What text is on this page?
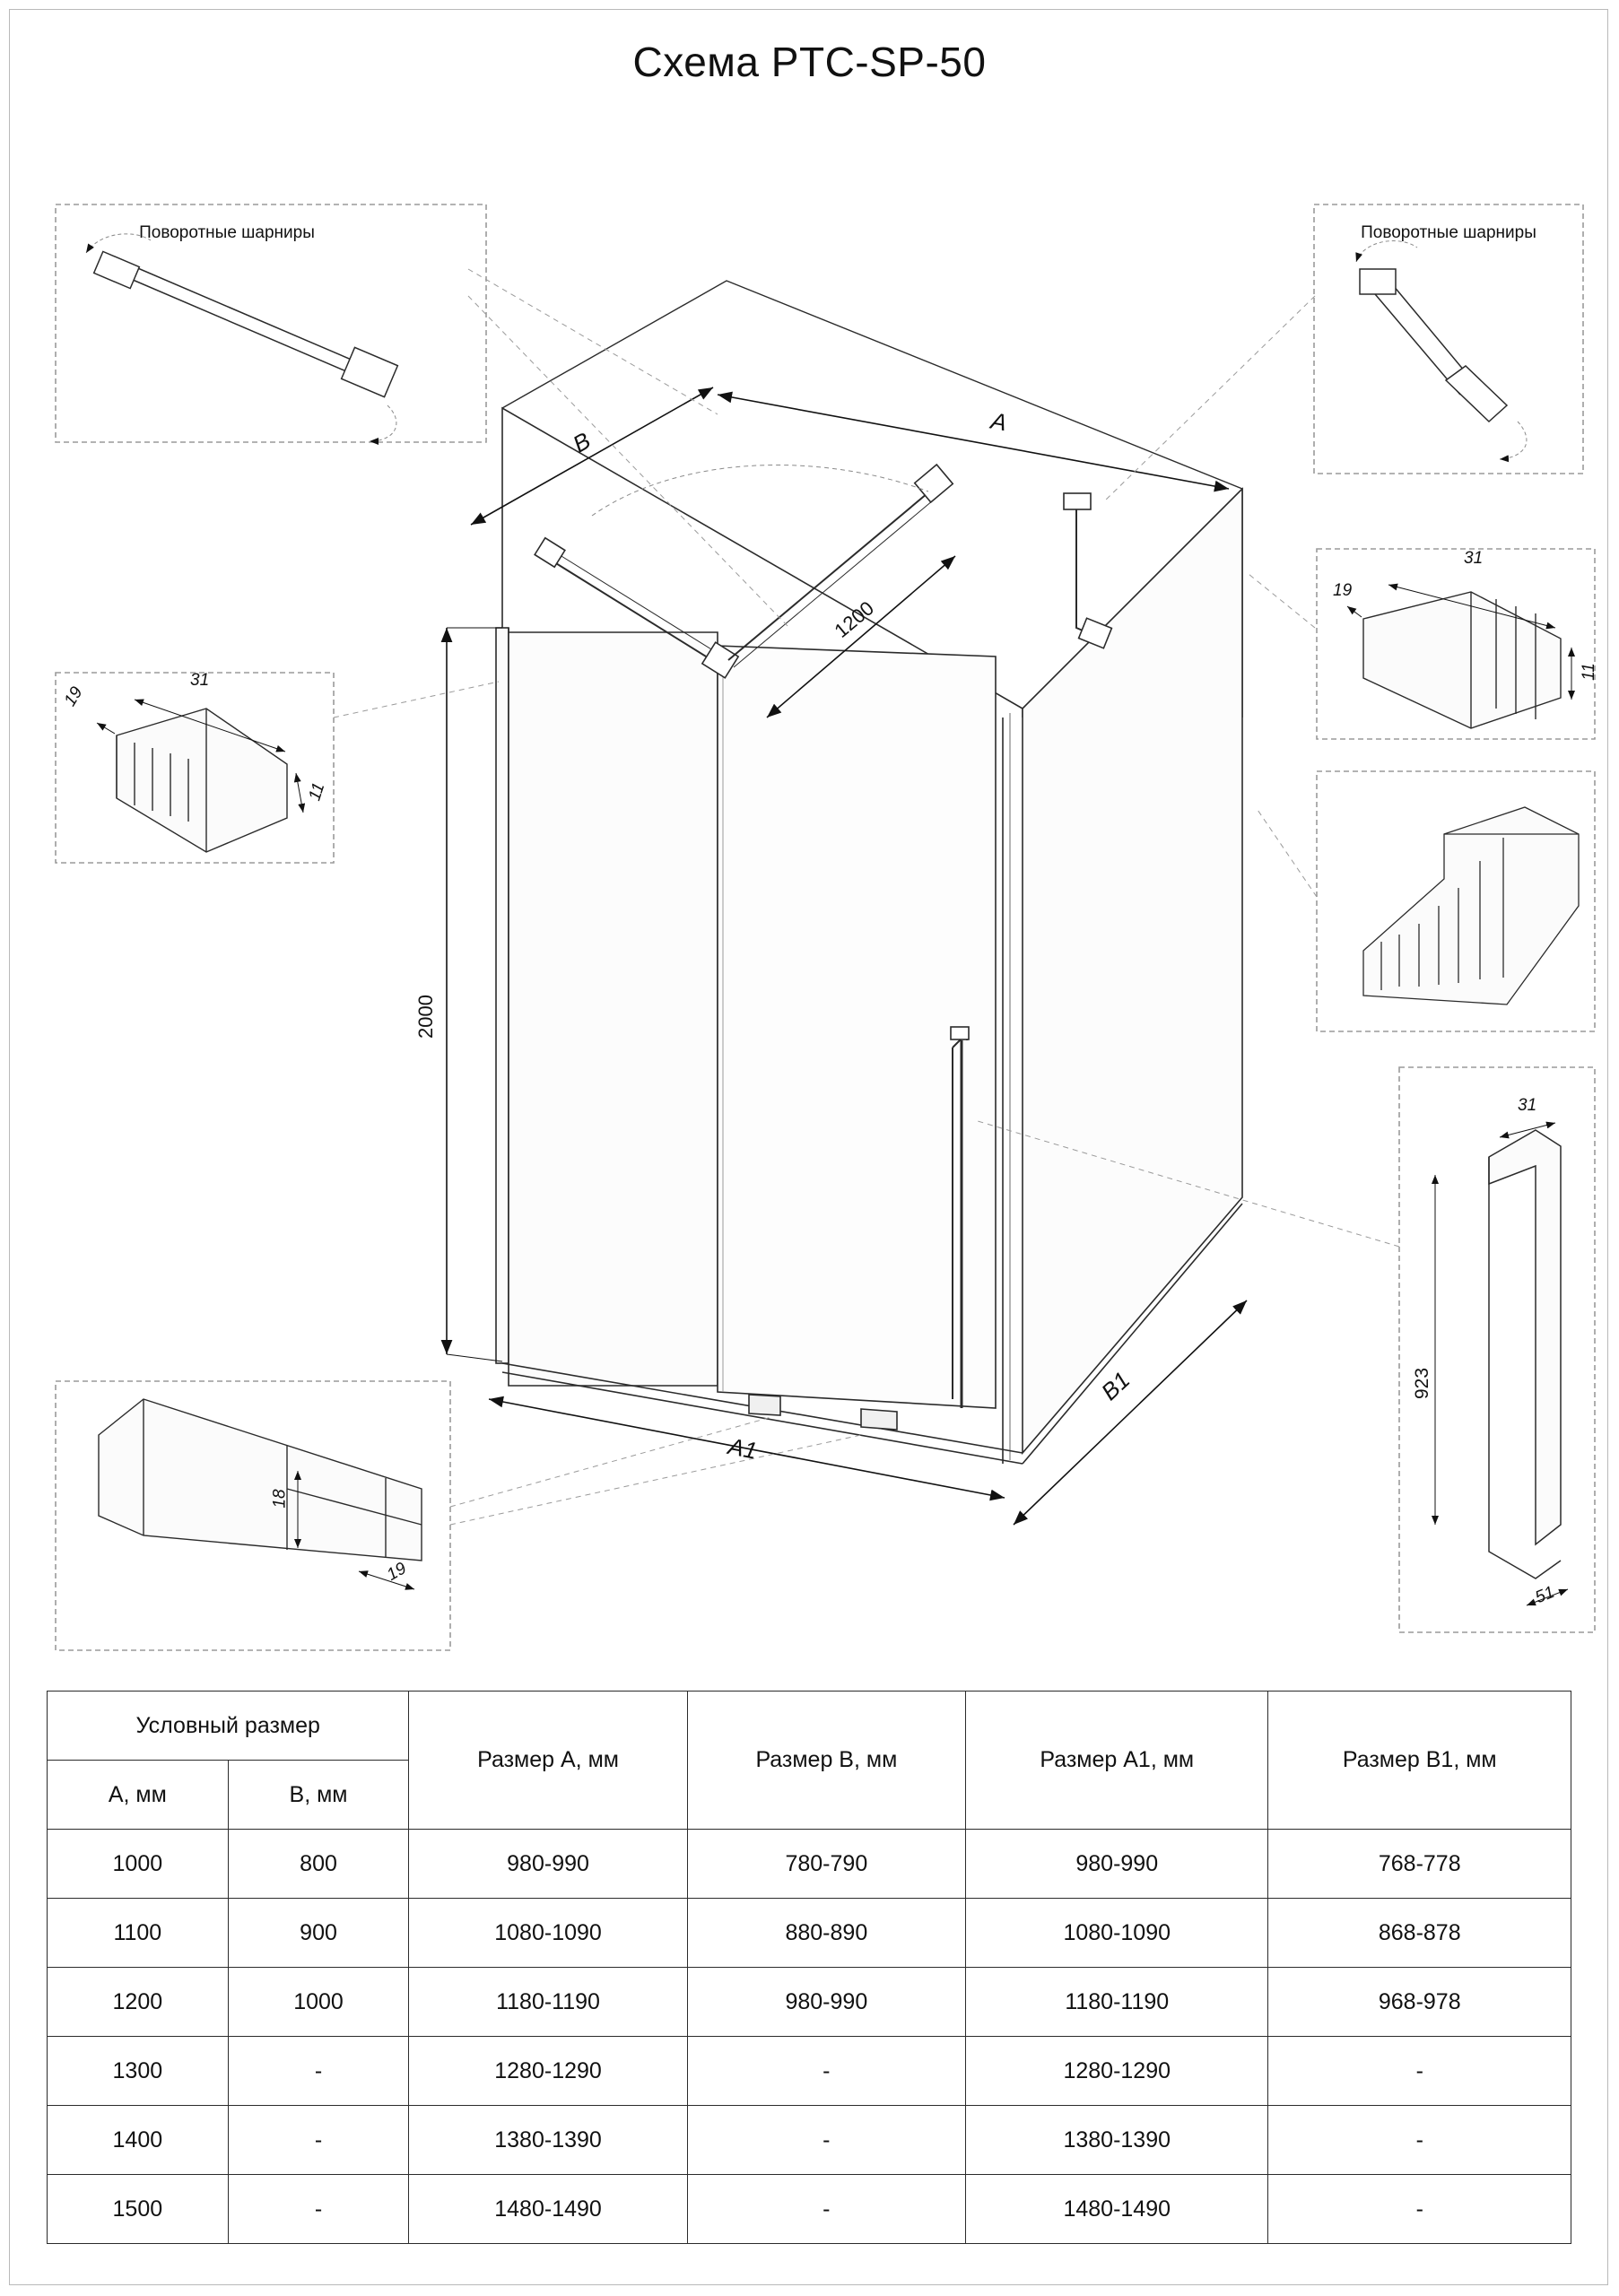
Схема PTC-SP-50
Поворотные шарниры	Поворотные шарниры
2000
A
B
1200
A1
B1
31
19
11
31
19
11
18
19
31
923
51
Условный размер		Размер A, мм	Размер B, мм	Размер A1, мм	Размер B1, мм
A, мм	B, мм				
1000	800	980-990	780-790	980-990	768-778
1100	900	1080-1090	880-890	1080-1090	868-878
1200	1000	1180-1190	980-990	1180-1190	968-978
1300	-	1280-1290	-	1280-1290	-
1400	-	1380-1390	-	1380-1390	-
1500	-	1480-1490	-	1480-1490	-
